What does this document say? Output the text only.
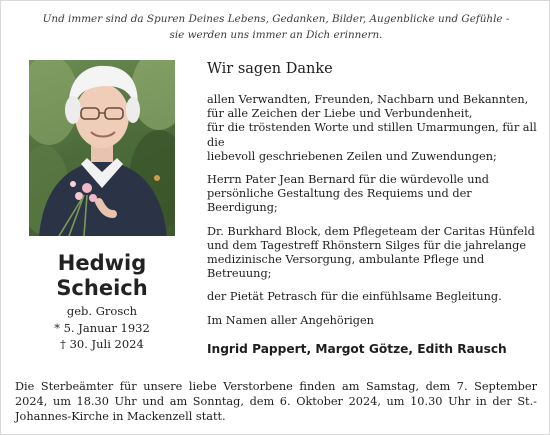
Und immer sind da Spuren Deines Lebens, Gedanken, Bilder, Augenblicke und Gefühle -
sie werden uns immer an Dich erinnern.
Hedwig
Scheich
geb. Grosch
* 5. Januar 1932
† 30. Juli 2024
Wir sagen Danke
allen Verwandten, Freunden, Nachbarn und Bekannten,
für alle Zeichen der Liebe und Verbundenheit,
für die tröstenden Worte und stillen Umarmungen, für all die
liebevoll geschriebenen Zeilen und Zuwendungen;
Herrn Pater Jean Bernard für die würdevolle und
persönliche Gestaltung des Requiems und der Beerdigung;
Dr. Burkhard Block, dem Pflegeteam der Caritas Hünfeld
und dem Tagestreff Rhönstern Silges für die jahrelange
medizinische Versorgung, ambulante Pflege und Betreuung;
der Pietät Petrasch für die einfühlsame Begleitung.
Im Namen aller Angehörigen
Ingrid Pappert, Margot Götze, Edith Rausch
Die Sterbeämter für unsere liebe Verstorbene finden am Samstag, dem 7. September 2024, um 18.30 Uhr und am Sonntag, dem 6. Oktober 2024, um 10.30 Uhr in der St.-Johannes-Kirche in Mackenzell statt.
